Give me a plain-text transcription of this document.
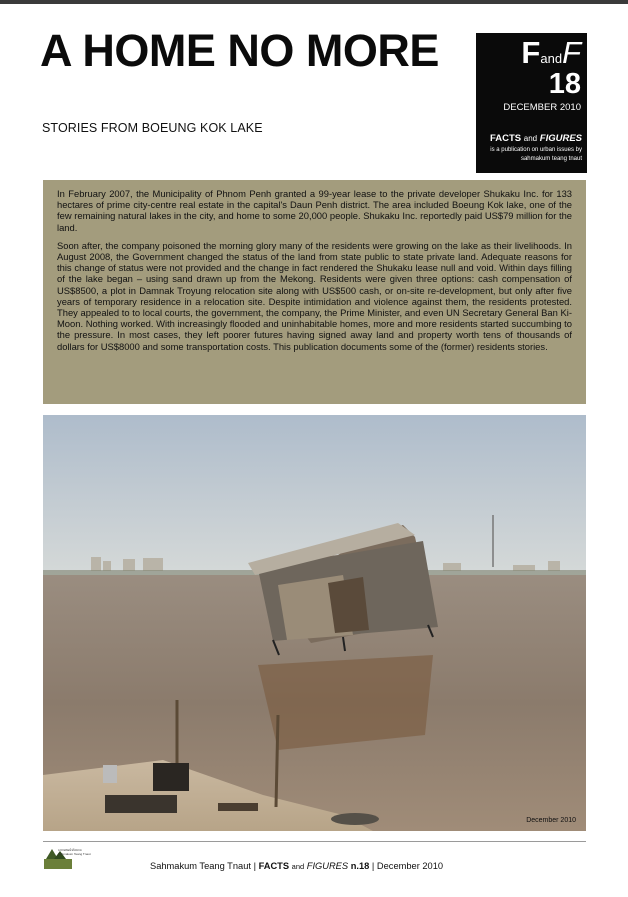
A HOME NO MORE
STORIES FROM BOEUNG KOK LAKE
FandF
18
DECEMBER 2010
FACTS and FIGURES
is a publication on urban issues by sahmakum teang tnaut

In February 2007, the Municipality of Phnom Penh granted a 99-year lease to the private developer Shukaku Inc. for 133 hectares of prime city-centre real estate in the capital's Daun Penh district. The area included Boeung Kok lake, one of the few remaining natural lakes in the city, and home to some 20,000 people. Shukaku Inc. reportedly paid US$79 million for the land.

Soon after, the company poisoned the morning glory many of the residents were growing on the lake as their livelihoods. In August 2008, the Government changed the status of the land from state public to state private land. Adequate reasons for this change of status were not provided and the change in fact rendered the Shukaku lease null and void. Within days filling of the lake began – using sand drawn up from the Mekong. Residents were given three options: cash compensation of US$8500, a plot in Damnak Troyung relocation site along with US$500 cash, or on-site re-development, but only after five years of temporary residence in a relocation site. Despite intimidation and violence against them, the residents protested. They appealed to to local courts, the government, the company, the Prime Minister, and even UN Secretary General Ban Ki-Moon. Nothing worked. With increasingly flooded and uninhabitable homes, more and more residents started succumbing to the pressure. In most cases, they left poorer futures having signed away land and property worth tens of thousands of dollars for US$8000 and some transportation costs. This publication documents some of the (former) residents stories.

December 2010
សហមគមន៍ទាំងតោន Sahmakum Teang Tnaut
Sahmakum Teang Tnaut | FACTS and FIGURES n.18 | December 2010
